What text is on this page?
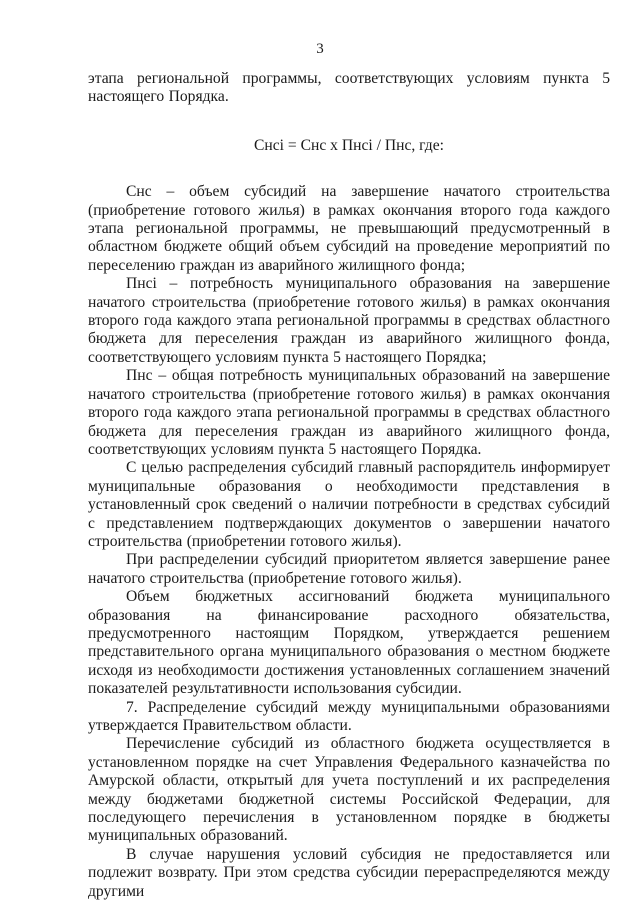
3

этапа региональной программы, соответствующих условиям пункта 5 настоящего Порядка.

Снсi = Снс х Пнсi / Пнс, где:

Снс – объем субсидий на завершение начатого строительства (приобретение готового жилья) в рамках окончания второго года каждого этапа региональной программы, не превышающий предусмотренный в областном бюджете общий объем субсидий на проведение мероприятий по переселению граждан из аварийного жилищного фонда;

Пнсi – потребность муниципального образования на завершение начатого строительства (приобретение готового жилья) в рамках окончания второго года каждого этапа региональной программы в средствах областного бюджета для переселения граждан из аварийного жилищного фонда, соответствующего условиям пункта 5 настоящего Порядка;

Пнс – общая потребность муниципальных образований на завершение начатого строительства (приобретение готового жилья) в рамках окончания второго года каждого этапа региональной программы в средствах областного бюджета для переселения граждан из аварийного жилищного фонда, соответствующих условиям пункта 5 настоящего Порядка.

С целью распределения субсидий главный распорядитель информирует муниципальные образования о необходимости представления в установленный срок сведений о наличии потребности в средствах субсидий с представлением подтверждающих документов о завершении начатого строительства (приобретении готового жилья).

При распределении субсидий приоритетом является завершение ранее начатого строительства (приобретение готового жилья).

Объем бюджетных ассигнований бюджета муниципального образования на финансирование расходного обязательства, предусмотренного настоящим Порядком, утверждается решением представительного органа муниципального образования о местном бюджете исходя из необходимости достижения установленных соглашением значений показателей результативности использования субсидии.

7. Распределение субсидий между муниципальными образованиями утверждается Правительством области.

Перечисление субсидий из областного бюджета осуществляется в установленном порядке на счет Управления Федерального казначейства по Амурской области, открытый для учета поступлений и их распределения между бюджетами бюджетной системы Российской Федерации, для последующего перечисления в установленном порядке в бюджеты муниципальных образований.

В случае нарушения условий субсидия не предоставляется или подлежит возврату. При этом средства субсидии перераспределяются между другими
